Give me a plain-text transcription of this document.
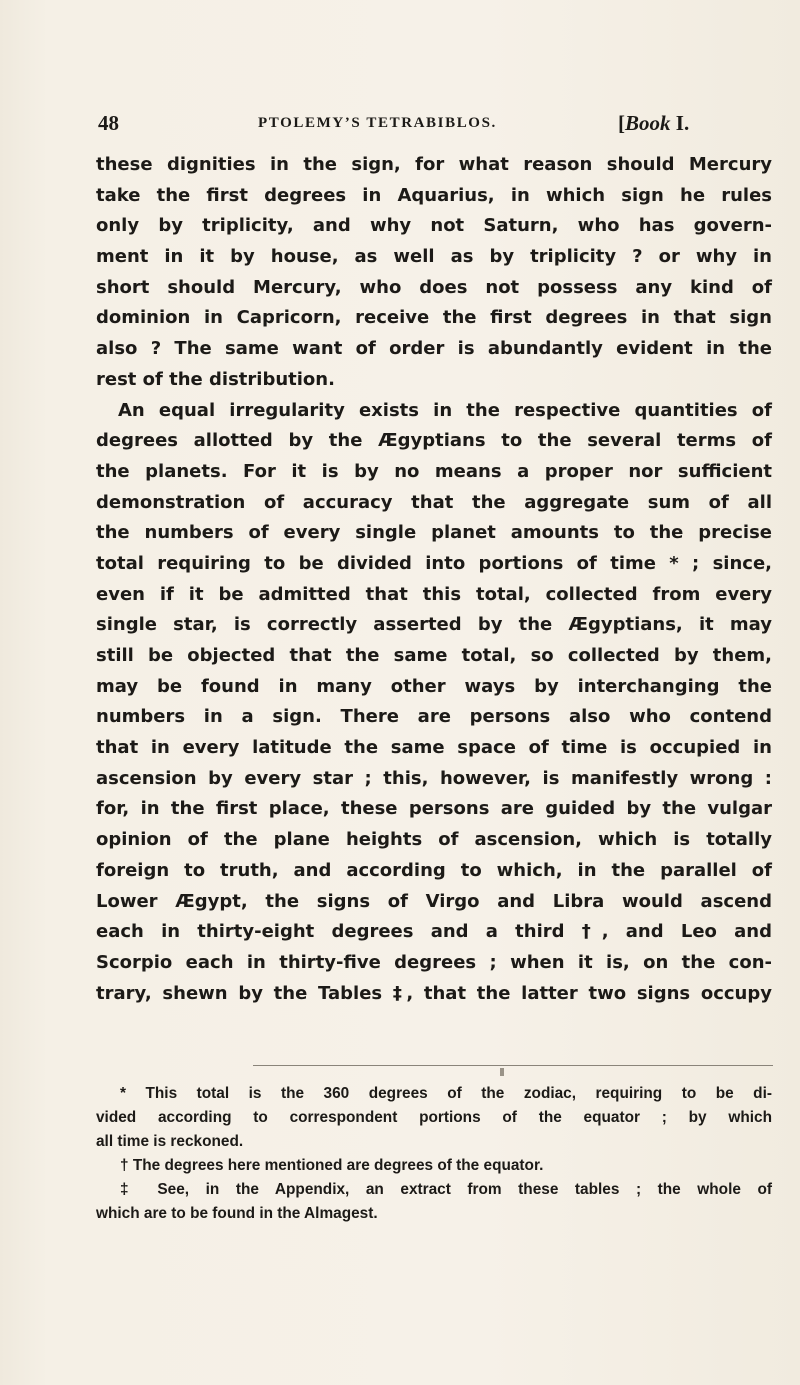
48	PTOLEMY’S TETRABIBLOS.	[Book I.
these dignities in the sign, for what reason should Mercury
take the first degrees in Aquarius, in which sign he rules
only by triplicity, and why not Saturn, who has govern-
ment in it by house, as well as by triplicity ? or why in
short should Mercury, who does not possess any kind of
dominion in Capricorn, receive the first degrees in that sign
also ? The same want of order is abundantly evident in the
rest of the distribution.
An equal irregularity exists in the respective quantities of
degrees allotted by the Ægyptians to the several terms of
the planets. For it is by no means a proper nor sufficient
demonstration of accuracy that the aggregate sum of all
the numbers of every single planet amounts to the precise
total requiring to be divided into portions of time * ; since,
even if it be admitted that this total, collected from every
single star, is correctly asserted by the Ægyptians, it may
still be objected that the same total, so collected by them,
may be found in many other ways by interchanging the
numbers in a sign. There are persons also who contend
that in every latitude the same space of time is occupied in
ascension by every star ; this, however, is manifestly wrong :
for, in the first place, these persons are guided by the vulgar
opinion of the plane heights of ascension, which is totally
foreign to truth, and according to which, in the parallel of
Lower Ægypt, the signs of Virgo and Libra would ascend
each in thirty-eight degrees and a third †, and Leo and
Scorpio each in thirty-five degrees ; when it is, on the con-
trary, shewn by the Tables ‡, that the latter two signs occupy
* This total is the 360 degrees of the zodiac, requiring to be di-
vided according to correspondent portions of the equator ; by which
all time is reckoned.
† The degrees here mentioned are degrees of the equator.
‡ See, in the Appendix, an extract from these tables ; the whole of
which are to be found in the Almagest.
